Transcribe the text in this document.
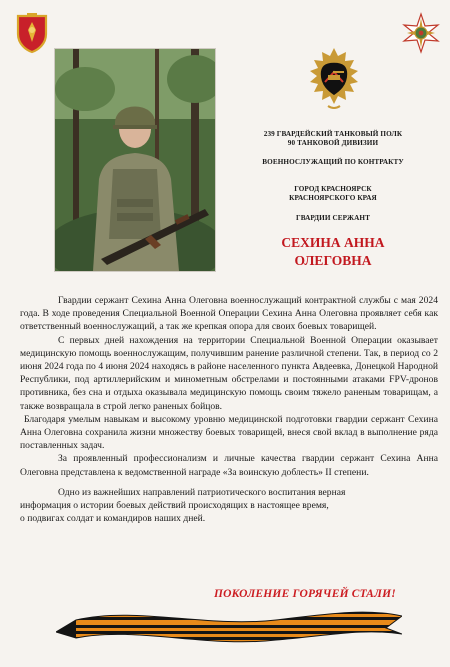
239 ГВАРДЕЙСКИЙ ТАНКОВЫЙ ПОЛК
90 ТАНКОВОЙ ДИВИЗИИ
ВОЕННОСЛУЖАЩИЙ ПО КОНТРАКТУ
ГОРОД КРАСНОЯРСК
КРАСНОЯРСКОГО КРАЯ
ГВАРДИИ СЕРЖАНТ
СЕХИНА АННА
ОЛЕГОВНА

Гвардии сержант Сехина Анна Олеговна военнослужащий контрактной службы с мая 2024 года. В ходе проведения Специальной Военной Операции Сехина Анна Олеговна проявляет себя как ответственный военнослужащий, а так же крепкая опора для своих боевых товарищей.

С первых дней нахождения на территории Специальной Военной Операции оказывает медицинскую помощь военнослужащим, получившим ранение различной степени. Так, в период со 2 июня 2024 года по 4 июня 2024 находясь в районе населенного пункта Авдеевка, Донецкой Народной Республики, под артиллерийским и минометным обстрелами и постоянными атаками FPV-дронов противника, без сна и отдыха оказывала медицинскую помощь своим тяжело раненым товарищам, а также возвращала в строй легко раненых бойцов.

Благодаря умелым навыкам и высокому уровню медицинской подготовки гвардии сержант Сехина Анна Олеговна сохранила жизни множеству боевых товарищей, внеся свой вклад в выполнение ряда поставленных задач.

За проявленный профессионализм и личные качества гвардии сержант Сехина Анна Олеговна представлена к ведомственной награде «За воинскую доблесть» II степени.

Одно из важнейших направлений патриотического воспитания верная

информация о истории боевых действий происходящих в настоящее время,

о подвигах солдат и командиров наших дней.

ПОКОЛЕНИЕ ГОРЯЧЕЙ СТАЛИ!
